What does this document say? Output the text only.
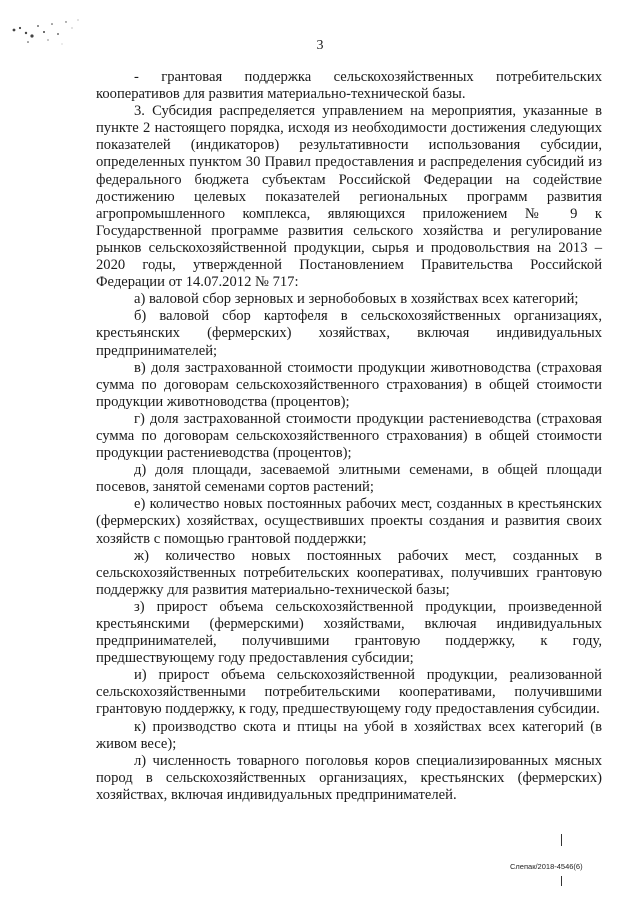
3

- грантовая поддержка сельскохозяйственных потребительских кооперативов для развития материально-технической базы.

3. Субсидия распределяется управлением на мероприятия, указанные в пункте 2 настоящего порядка, исходя из необходимости достижения следующих показателей (индикаторов) результативности использования субсидии, определенных пунктом 30 Правил предоставления и распределения субсидий из федерального бюджета субъектам Российской Федерации на содействие достижению целевых показателей региональных программ развития агропромышленного комплекса, являющихся приложением № 9 к Государственной программе развития сельского хозяйства и регулирование рынков сельскохозяйственной продукции, сырья и продовольствия на 2013 – 2020 годы, утвержденной Постановлением Правительства Российской Федерации от 14.07.2012 № 717:

а) валовой сбор зерновых и зернобобовых в хозяйствах всех категорий;

б) валовой сбор картофеля в сельскохозяйственных организациях, крестьянских (фермерских) хозяйствах, включая индивидуальных предпринимателей;

в) доля застрахованной стоимости продукции животноводства (страховая сумма по договорам сельскохозяйственного страхования) в общей стоимости продукции животноводства (процентов);

г) доля застрахованной стоимости продукции растениеводства (страховая сумма по договорам сельскохозяйственного страхования) в общей стоимости продукции растениеводства (процентов);

д) доля площади, засеваемой элитными семенами, в общей площади посевов, занятой семенами сортов растений;

е) количество новых постоянных рабочих мест, созданных в крестьянских (фермерских) хозяйствах, осуществивших проекты создания и развития своих хозяйств с помощью грантовой поддержки;

ж) количество новых постоянных рабочих мест, созданных в сельскохозяйственных потребительских кооперативах, получивших грантовую поддержку для развития материально-технической базы;

з) прирост объема сельскохозяйственной продукции, произведенной крестьянскими (фермерскими) хозяйствами, включая индивидуальных предпринимателей, получившими грантовую поддержку, к году, предшествующему году предоставления субсидии;

и) прирост объема сельскохозяйственной продукции, реализованной сельскохозяйственными потребительскими кооперативами, получившими грантовую поддержку, к году, предшествующему году предоставления субсидии.

к) производство скота и птицы на убой в хозяйствах всех категорий (в живом весе);

л) численность товарного поголовья коров специализированных мясных пород в сельскохозяйственных организациях, крестьянских (фермерских) хозяйствах, включая индивидуальных предпринимателей.

Слепак/2018-4546(6)
